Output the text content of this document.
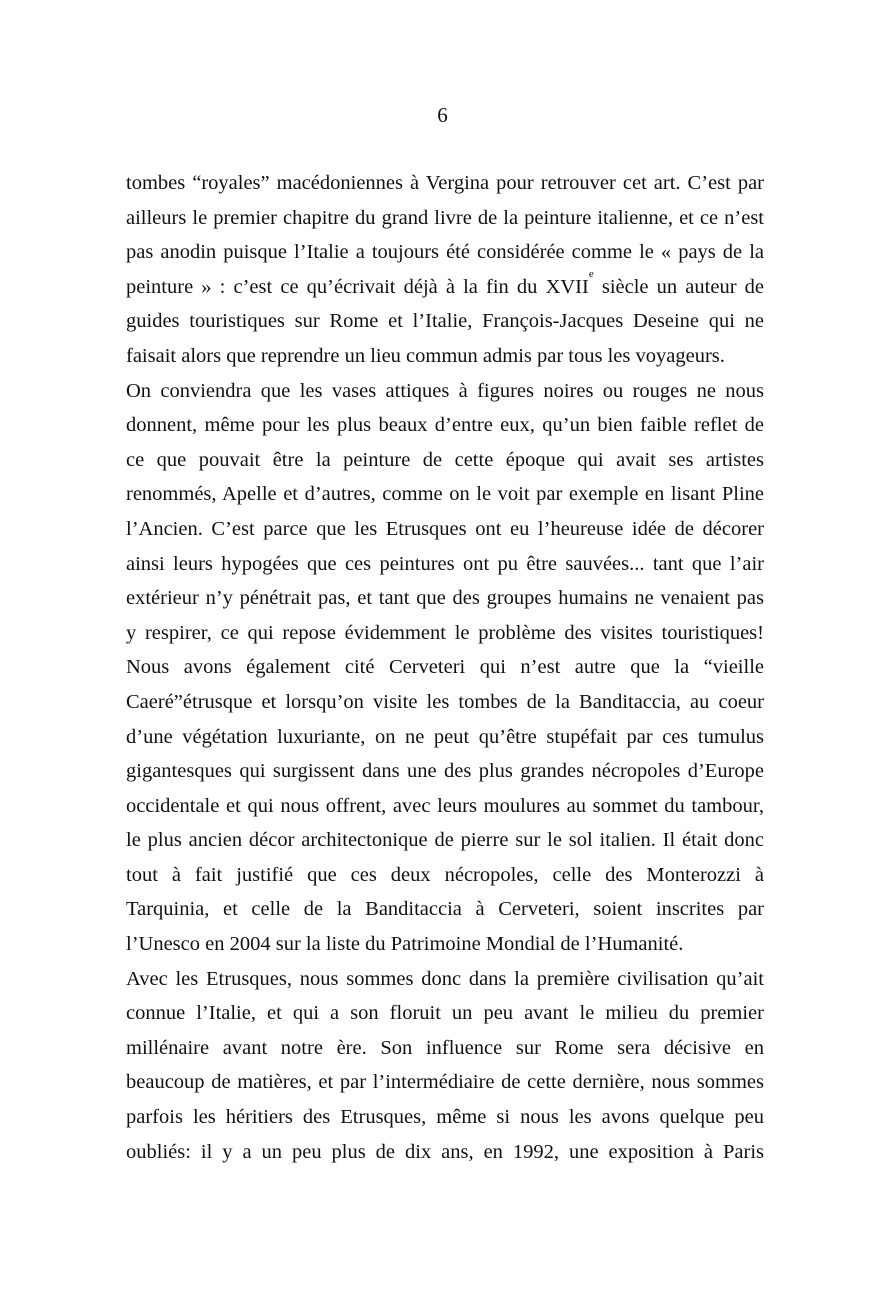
6

tombes “royales” macédoniennes à Vergina pour retrouver cet art. C’est par
ailleurs le premier chapitre du grand livre de la peinture italienne, et ce n’est
pas anodin puisque l’Italie a toujours été considérée comme le « pays de la
peinture » : c’est ce qu’écrivait déjà à la fin du XVIIe siècle un auteur de
guides touristiques sur Rome et l’Italie, François-Jacques Deseine qui ne
faisait alors que reprendre un lieu commun admis par tous les voyageurs.

On conviendra que les vases attiques à figures noires ou rouges ne nous
donnent, même pour les plus beaux d’entre eux, qu’un bien faible reflet de
ce que pouvait être la peinture de cette époque qui avait ses artistes
renommés, Apelle et d’autres, comme on le voit par exemple en lisant Pline
l’Ancien. C’est parce que les Etrusques ont eu l’heureuse idée de décorer
ainsi leurs hypogées que ces peintures ont pu être sauvées... tant que l’air
extérieur n’y pénétrait pas, et tant que des groupes humains ne venaient pas
y respirer, ce qui repose évidemment le problème des visites touristiques!
Nous avons également cité Cerveteri qui n’est autre que la “vieille
Caeré”étrusque et lorsqu’on visite les tombes de la Banditaccia, au coeur
d’une végétation luxuriante, on ne peut qu’être stupéfait par ces tumulus
gigantesques qui surgissent dans une des plus grandes nécropoles d’Europe
occidentale et qui nous offrent, avec leurs moulures au sommet du tambour,
le plus ancien décor architectonique de pierre sur le sol italien. Il était donc
tout à fait justifié que ces deux nécropoles, celle des Monterozzi à
Tarquinia, et celle de la Banditaccia à Cerveteri, soient inscrites par
l’Unesco en 2004 sur la liste du Patrimoine Mondial de l’Humanité.

Avec les Etrusques, nous sommes donc dans la première civilisation qu’ait
connue l’Italie, et qui a son floruit un peu avant le milieu du premier
millénaire avant notre ère. Son influence sur Rome sera décisive en
beaucoup de matières, et par l’intermédiaire de cette dernière, nous sommes
parfois les héritiers des Etrusques, même si nous les avons quelque peu
oubliés: il y a un peu plus de dix ans, en 1992, une exposition à Paris
